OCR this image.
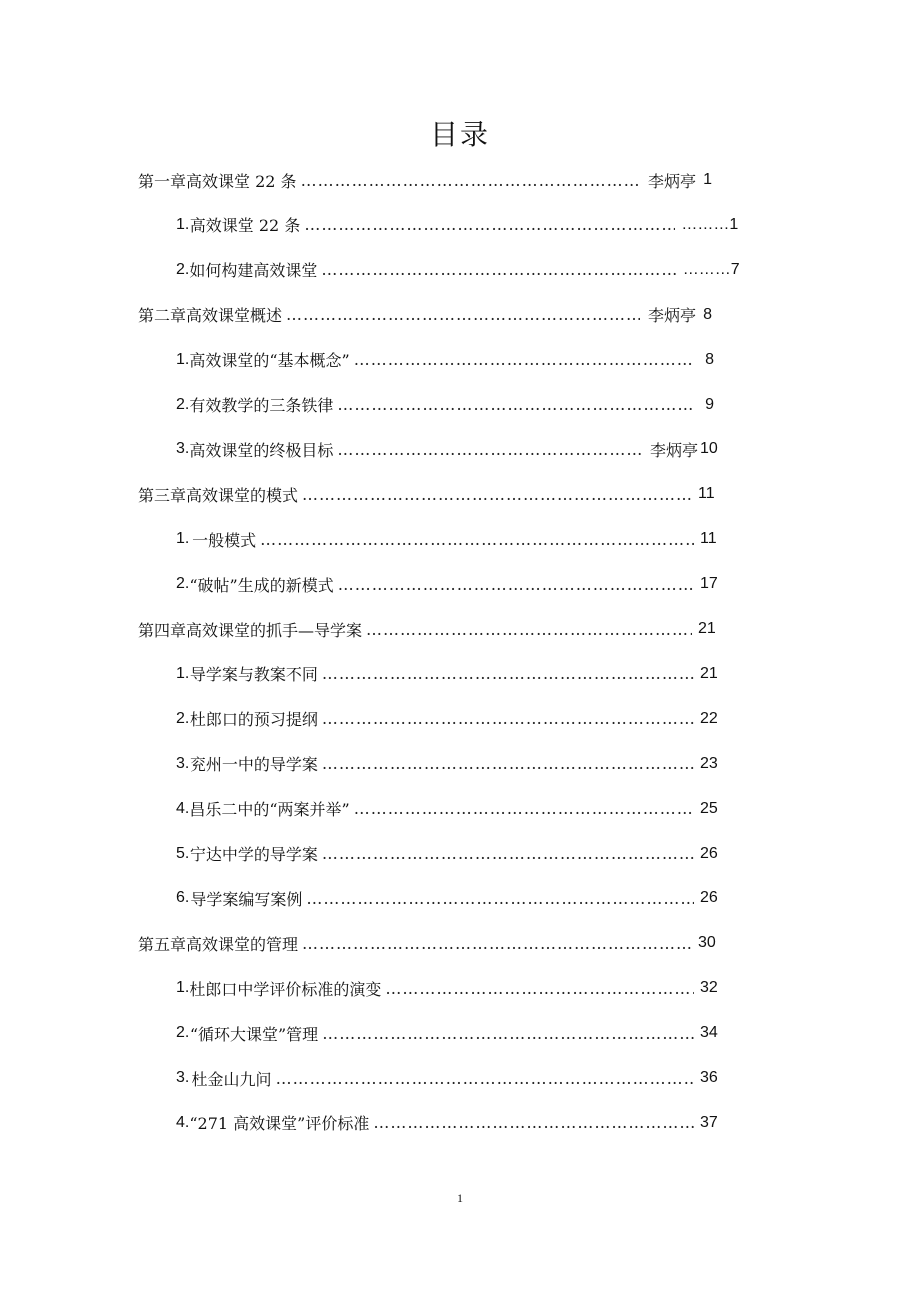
目录
第一章 高效课堂 22 条 ……………………………………………………………………………………………………	李炳亭 1
1. 高效课堂 22 条 ……………………………………………………………………………………………………	………1
2. 如何构建高效课堂 ……………………………………………………………………………………………………	………7
第二章 高效课堂概述 ……………………………………………………………………………………………………	李炳亭 8
1. 高效课堂的“基本概念” ……………………………………………………………………………………………………	8
2. 有效教学的三条铁律 ……………………………………………………………………………………………………	9
3. 高效课堂的终极目标 ……………………………………………………………………………………………………	李炳亭 10
第三章 高效课堂的模式 ……………………………………………………………………………………………………	11
1. 一般模式 ……………………………………………………………………………………………………	11
2. “破帖”生成的新模式 ……………………………………………………………………………………………………	17
第四章 高效课堂的抓手—导学案 ……………………………………………………………………………………………………	21
1. 导学案与教案不同 ……………………………………………………………………………………………………	21
2. 杜郎口的预习提纲 ……………………………………………………………………………………………………	22
3. 兖州一中的导学案 ……………………………………………………………………………………………………	23
4. 昌乐二中的“两案并举” ……………………………………………………………………………………………………	25
5. 宁达中学的导学案 ……………………………………………………………………………………………………	26
6. 导学案编写案例 ……………………………………………………………………………………………………	26
第五章 高效课堂的管理 ……………………………………………………………………………………………………	30
1. 杜郎口中学评价标准的演变 ……………………………………………………………………………………………………	32
2. “循环大课堂”管理 ……………………………………………………………………………………………………	34
3. 杜金山九问 ……………………………………………………………………………………………………	36
4. “271 高效课堂”评价标准 ……………………………………………………………………………………………………	37
1
